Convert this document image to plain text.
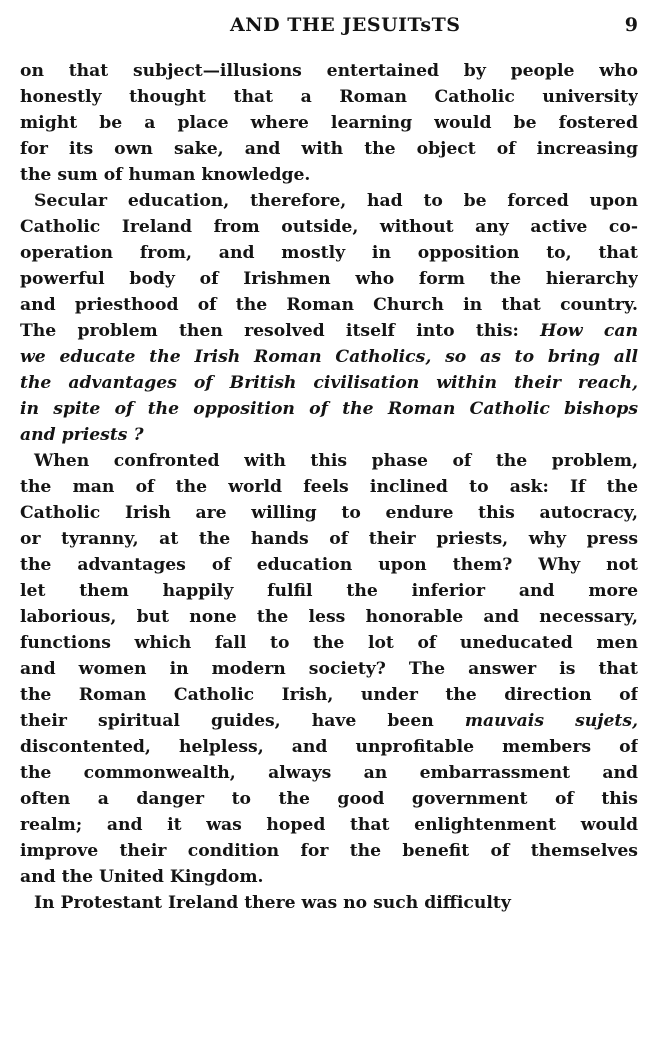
AND THE JESUITsTS	9
on that subject—illusions entertained by people who
honestly thought that a Roman Catholic university
might be a place where learning would be fostered
for its own sake, and with the object of increasing
the sum of human knowledge.
Secular education, therefore, had to be forced upon
Catholic Ireland from outside, without any active co-
operation from, and mostly in opposition to, that
powerful body of Irishmen who form the hierarchy
and priesthood of the Roman Church in that country.
The problem then resolved itself into this: How can
we educate the Irish Roman Catholics, so as to bring all
the advantages of British civilisation within their reach,
in spite of the opposition of the Roman Catholic bishops
and priests ?
When confronted with this phase of the problem,
the man of the world feels inclined to ask: If the
Catholic Irish are willing to endure this autocracy,
or tyranny, at the hands of their priests, why press
the advantages of education upon them? Why not
let them happily fulfil the inferior and more
laborious, but none the less honorable and necessary,
functions which fall to the lot of uneducated men
and women in modern society? The answer is that
the Roman Catholic Irish, under the direction of
their spiritual guides, have been mauvais sujets,
discontented, helpless, and unprofitable members of
the commonwealth, always an embarrassment and
often a danger to the good government of this
realm; and it was hoped that enlightenment would
improve their condition for the benefit of themselves
and the United Kingdom.
In Protestant Ireland there was no such difficulty
